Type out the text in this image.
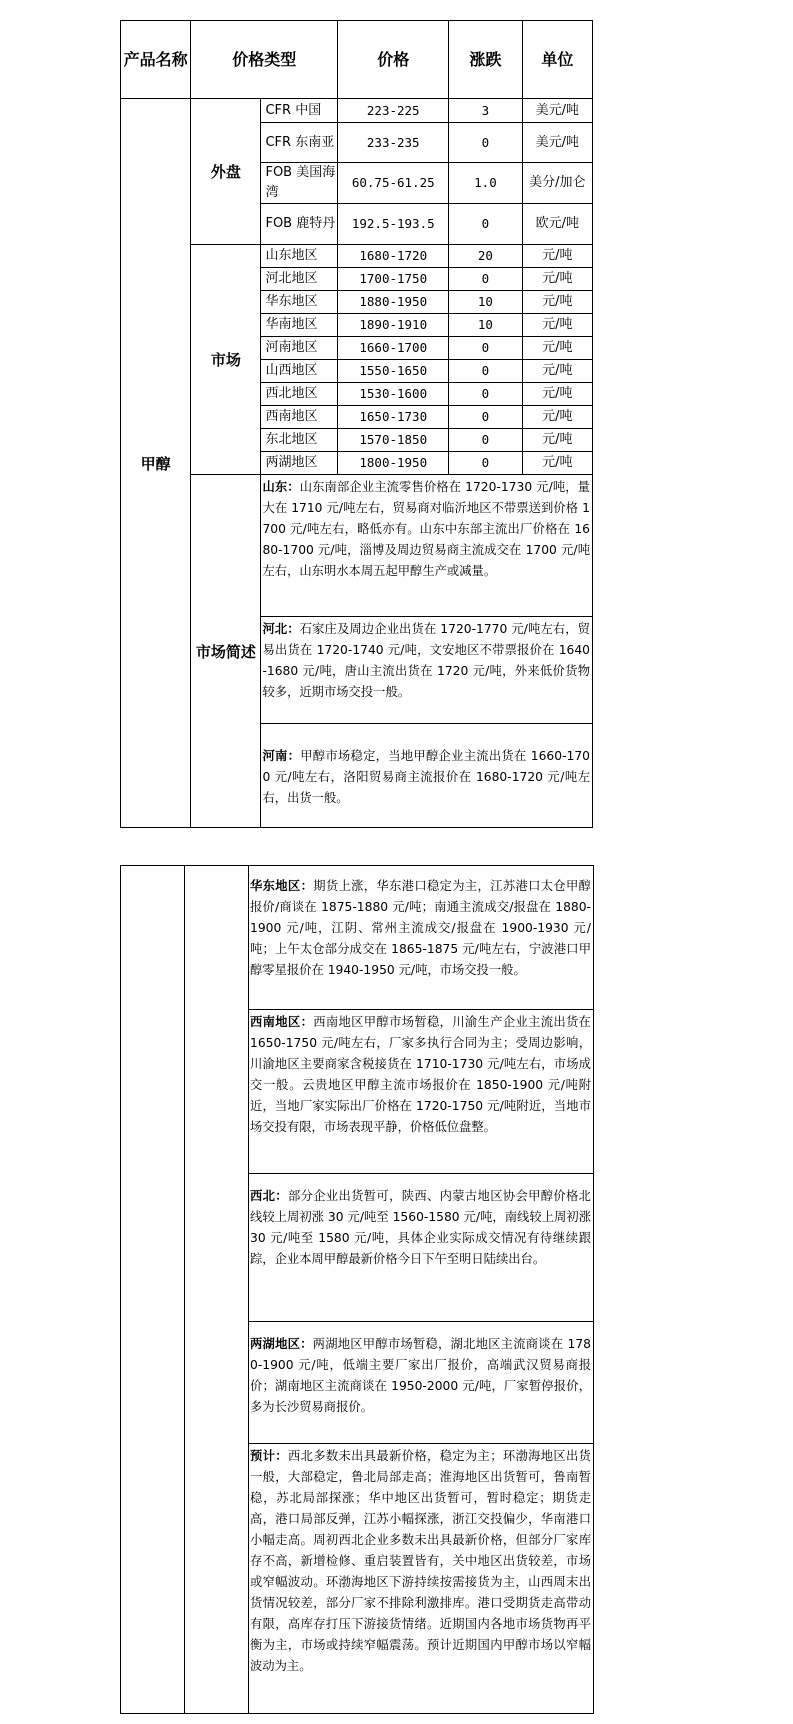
产品名称	价格类型		价格	涨跌	单位
甲醇	外盘	CFR 中国	223-225	3	美元/吨
		CFR 东南亚	233-235	0	美元/吨
		FOB 美国海湾	60.75-61.25	1.0	美分/加仑
		FOB 鹿特丹	192.5-193.5	0	欧元/吨
	市场	山东地区	1680-1720	20	元/吨
		河北地区	1700-1750	0	元/吨
		华东地区	1880-1950	10	元/吨
		华南地区	1890-1910	10	元/吨
		河南地区	1660-1700	0	元/吨
		山西地区	1550-1650	0	元/吨
		西北地区	1530-1600	0	元/吨
		西南地区	1650-1730	0	元/吨
		东北地区	1570-1850	0	元/吨
		两湖地区	1800-1950	0	元/吨
	市场简述	山东：山东南部企业主流零售价格在 1720-1730 元/吨，量大在 1710 元/吨左右，贸易商对临沂地区不带票送到价格 1700 元/吨左右，略低亦有。山东中东部主流出厂价格在 1680-1700 元/吨，淄博及周边贸易商主流成交在 1700 元/吨左右，山东明水本周五起甲醇生产或减量。			
		河北：石家庄及周边企业出货在 1720-1770 元/吨左右，贸易出货在 1720-1740 元/吨，文安地区不带票报价在 1640-1680 元/吨，唐山主流出货在 1720 元/吨，外来低价货物较多，近期市场交投一般。			
		河南：甲醇市场稳定，当地甲醇企业主流出货在 1660-1700 元/吨左右，洛阳贸易商主流报价在 1680-1720 元/吨左右，出货一般。			
		华东地区：期货上涨，华东港口稳定为主，江苏港口太仓甲醇报价/商谈在 1875-1880 元/吨；南通主流成交/报盘在 1880-1900 元/吨，江阴、常州主流成交/报盘在 1900-1930 元/吨；上午太仓部分成交在 1865-1875 元/吨左右，宁波港口甲醇零星报价在 1940-1950 元/吨，市场交投一般。
西南地区：西南地区甲醇市场暂稳，川渝生产企业主流出货在 1650-1750 元/吨左右，厂家多执行合同为主；受周边影响，川渝地区主要商家含税接货在 1710-1730 元/吨左右，市场成交一般。云贵地区甲醇主流市场报价在 1850-1900 元/吨附近，当地厂家实际出厂价格在 1720-1750 元/吨附近，当地市场交投有限，市场表现平静，价格低位盘整。
西北：部分企业出货暂可，陕西、内蒙古地区协会甲醇价格北线较上周初涨 30 元/吨至 1560-1580 元/吨，南线较上周初涨 30 元/吨至 1580 元/吨，具体企业实际成交情况有待继续跟踪，企业本周甲醇最新价格今日下午至明日陆续出台。
两湖地区：两湖地区甲醇市场暂稳，湖北地区主流商谈在 1780-1900 元/吨，低端主要厂家出厂报价，高端武汉贸易商报价；湖南地区主流商谈在 1950-2000 元/吨，厂家暂停报价，多为长沙贸易商报价。
预计：西北多数未出具最新价格，稳定为主；环渤海地区出货一般，大部稳定，鲁北局部走高；淮海地区出货暂可，鲁南暂稳，苏北局部探涨；华中地区出货暂可，暂时稳定；期货走高，港口局部反弹，江苏小幅探涨，浙江交投偏少，华南港口小幅走高。周初西北企业多数未出具最新价格，但部分厂家库存不高，新增检修、重启装置皆有，关中地区出货较差，市场或窄幅波动。环渤海地区下游持续按需接货为主，山西周末出货情况较差，部分厂家不排除利激排库。港口受期货走高带动有限，高库存打压下游接货情绪。近期国内各地市场货物再平衡为主，市场或持续窄幅震荡。预计近期国内甲醇市场以窄幅波动为主。
